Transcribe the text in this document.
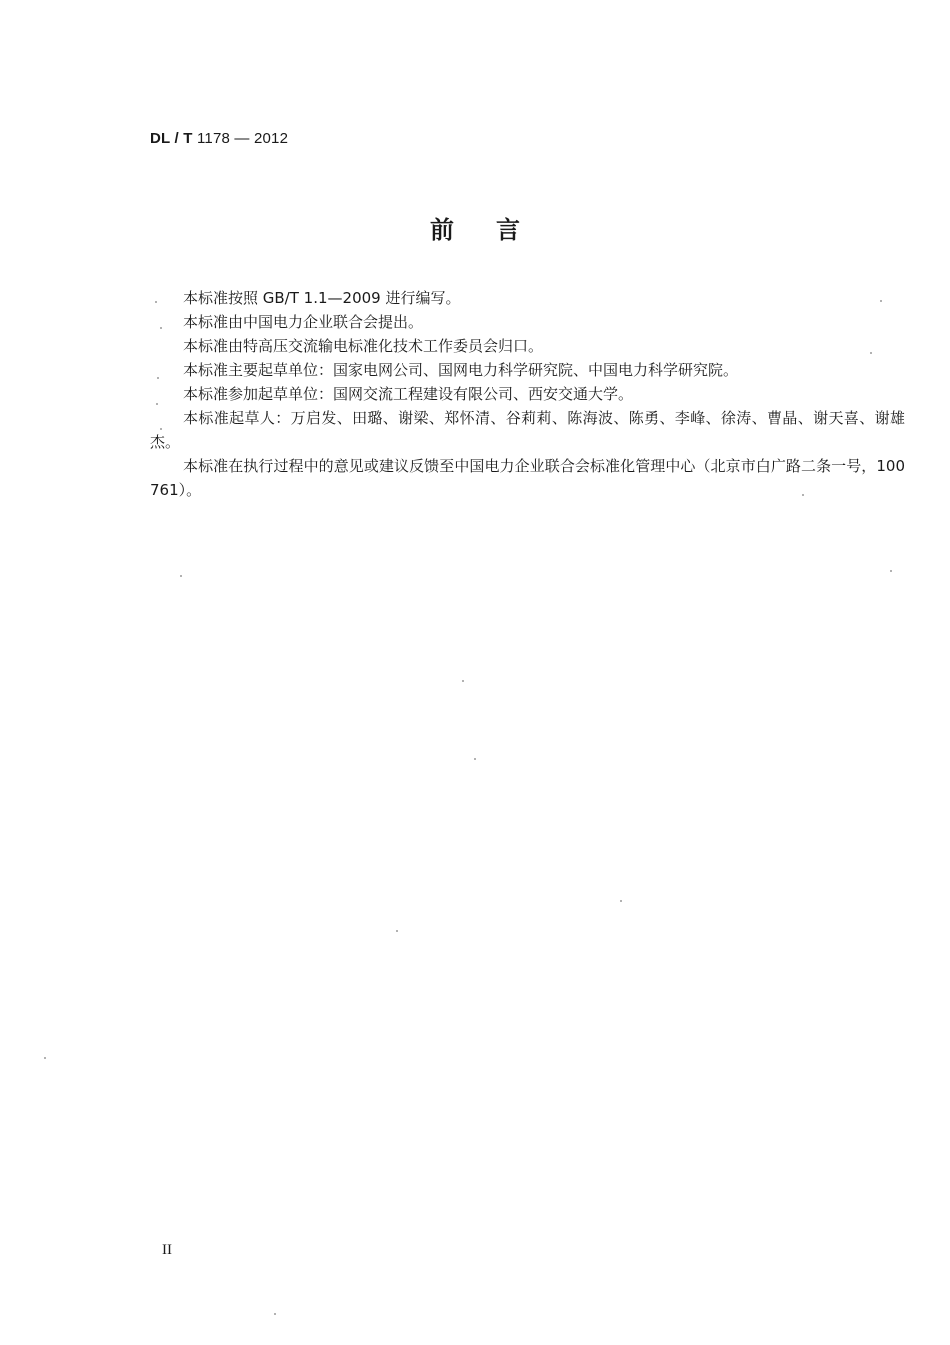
DL / T 1178 — 2012
前言

本标准按照 GB/T 1.1—2009 进行编写。

本标准由中国电力企业联合会提出。

本标准由特高压交流输电标准化技术工作委员会归口。

本标准主要起草单位：国家电网公司、国网电力科学研究院、中国电力科学研究院。

本标准参加起草单位：国网交流工程建设有限公司、西安交通大学。

本标准起草人：万启发、田璐、谢梁、郑怀清、谷莉莉、陈海波、陈勇、李峰、徐涛、曹晶、谢天喜、谢雄杰。

本标准在执行过程中的意见或建议反馈至中国电力企业联合会标准化管理中心（北京市白广路二条一号，100761）。

II
